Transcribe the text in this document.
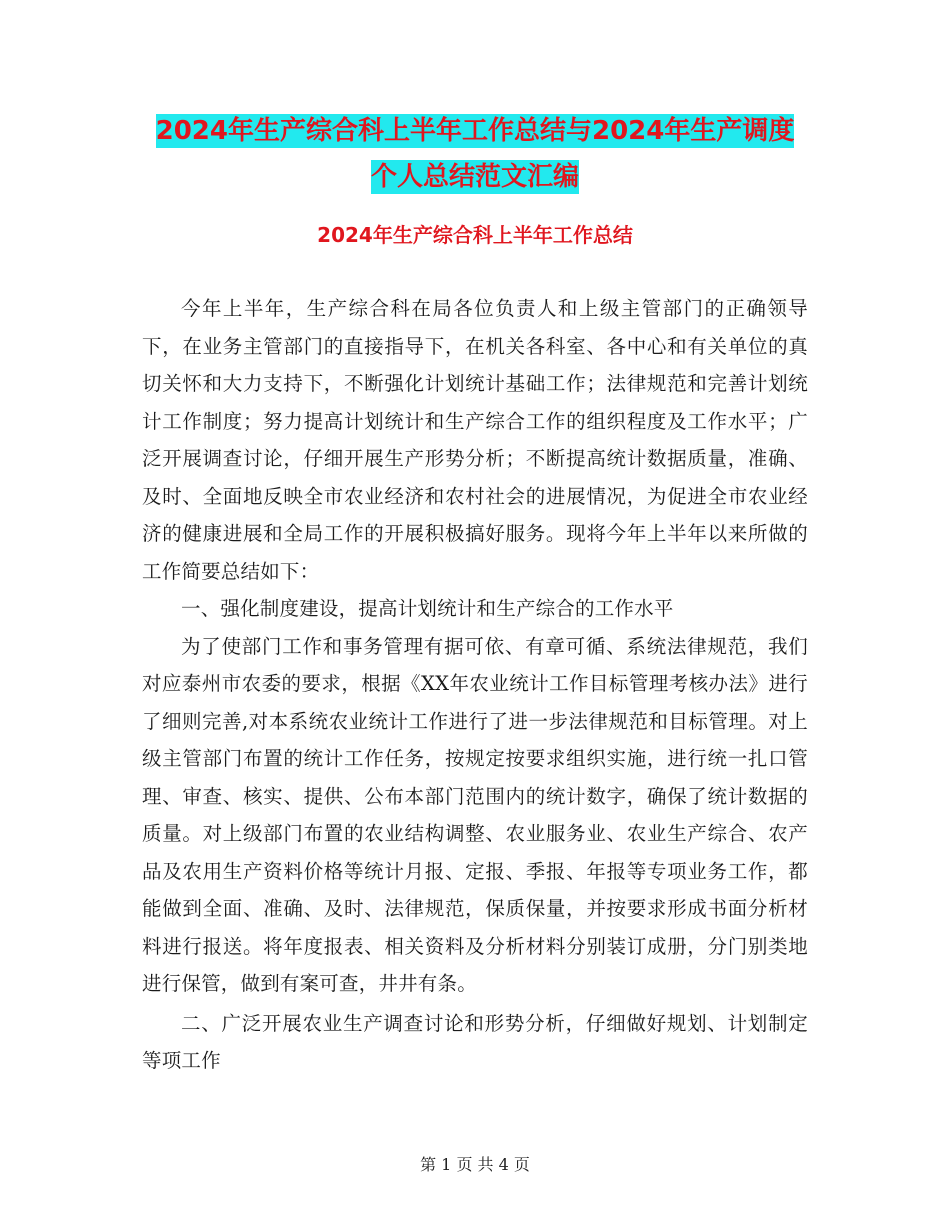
2024年生产综合科上半年工作总结与2024年生产调度
个人总结范文汇编
2024年生产综合科上半年工作总结

今年上半年，生产综合科在局各位负责人和上级主管部门的正确领导下，在业务主管部门的直接指导下，在机关各科室、各中心和有关单位的真切关怀和大力支持下，不断强化计划统计基础工作；法律规范和完善计划统计工作制度；努力提高计划统计和生产综合工作的组织程度及工作水平；广泛开展调查讨论，仔细开展生产形势分析；不断提高统计数据质量，准确、及时、全面地反映全市农业经济和农村社会的进展情况，为促进全市农业经济的健康进展和全局工作的开展积极搞好服务。现将今年上半年以来所做的工作简要总结如下：

一、强化制度建设，提高计划统计和生产综合的工作水平

为了使部门工作和事务管理有据可依、有章可循、系统法律规范，我们对应泰州市农委的要求，根据《XX年农业统计工作目标管理考核办法》进行了细则完善,对本系统农业统计工作进行了进一步法律规范和目标管理。对上级主管部门布置的统计工作任务，按规定按要求组织实施，进行统一扎口管理、审查、核实、提供、公布本部门范围内的统计数字，确保了统计数据的质量。对上级部门布置的农业结构调整、农业服务业、农业生产综合、农产品及农用生产资料价格等统计月报、定报、季报、年报等专项业务工作，都能做到全面、准确、及时、法律规范，保质保量，并按要求形成书面分析材料进行报送。将年度报表、相关资料及分析材料分别装订成册，分门别类地进行保管，做到有案可查，井井有条。

二、广泛开展农业生产调查讨论和形势分析，仔细做好规划、计划制定等项工作

第 1 页 共 4 页
